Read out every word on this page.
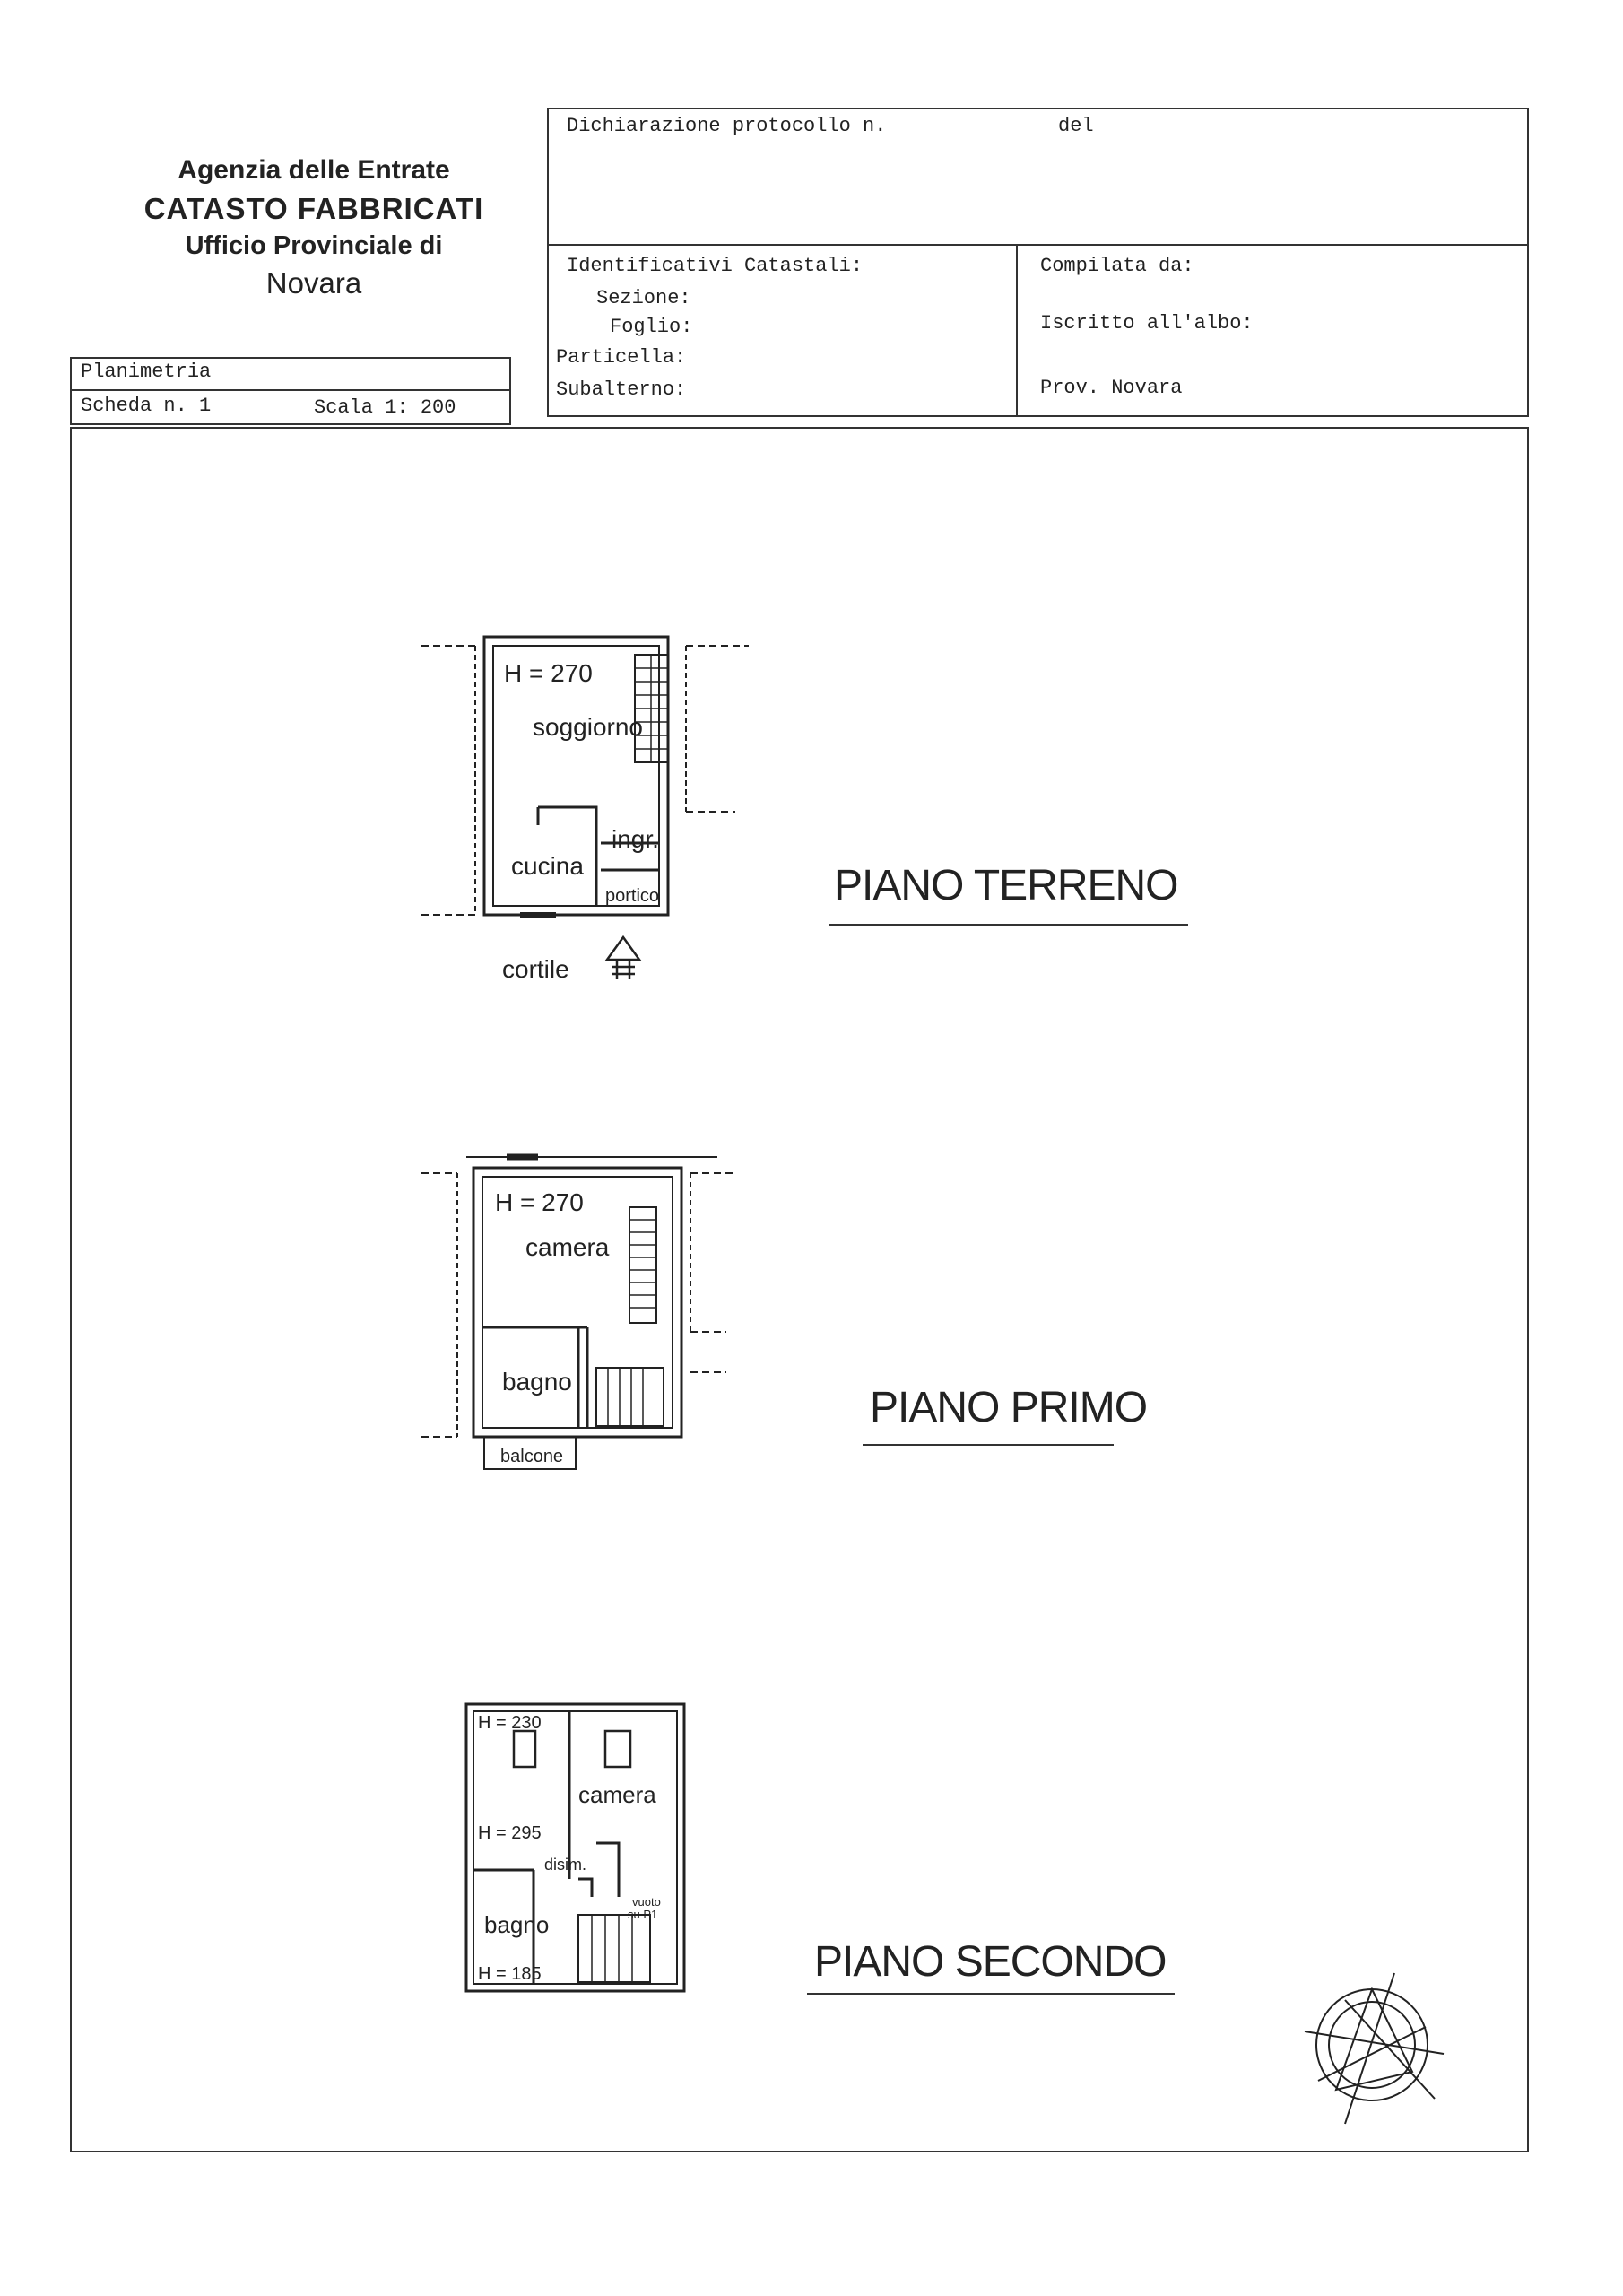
Agenzia delle Entrate
CATASTO FABBRICATI
Ufficio Provinciale di
Novara
Planimetria
Scheda n. 1	Scala 1: 200
Dichiarazione protocollo n.	del
Identificativi Catastali:
Sezione:
Foglio:
Particella:
Subalterno:
Compilata da:
Iscritto all'albo:
Prov. Novara
H = 270
soggiorno
ingr.
cucina
portico
cortile
PIANO TERRENO
H = 270
camera
bagno
balcone
PIANO PRIMO
H = 230
camera
H = 295
disim.
vuoto
su P1
bagno
H = 185	PIANO SECONDO
